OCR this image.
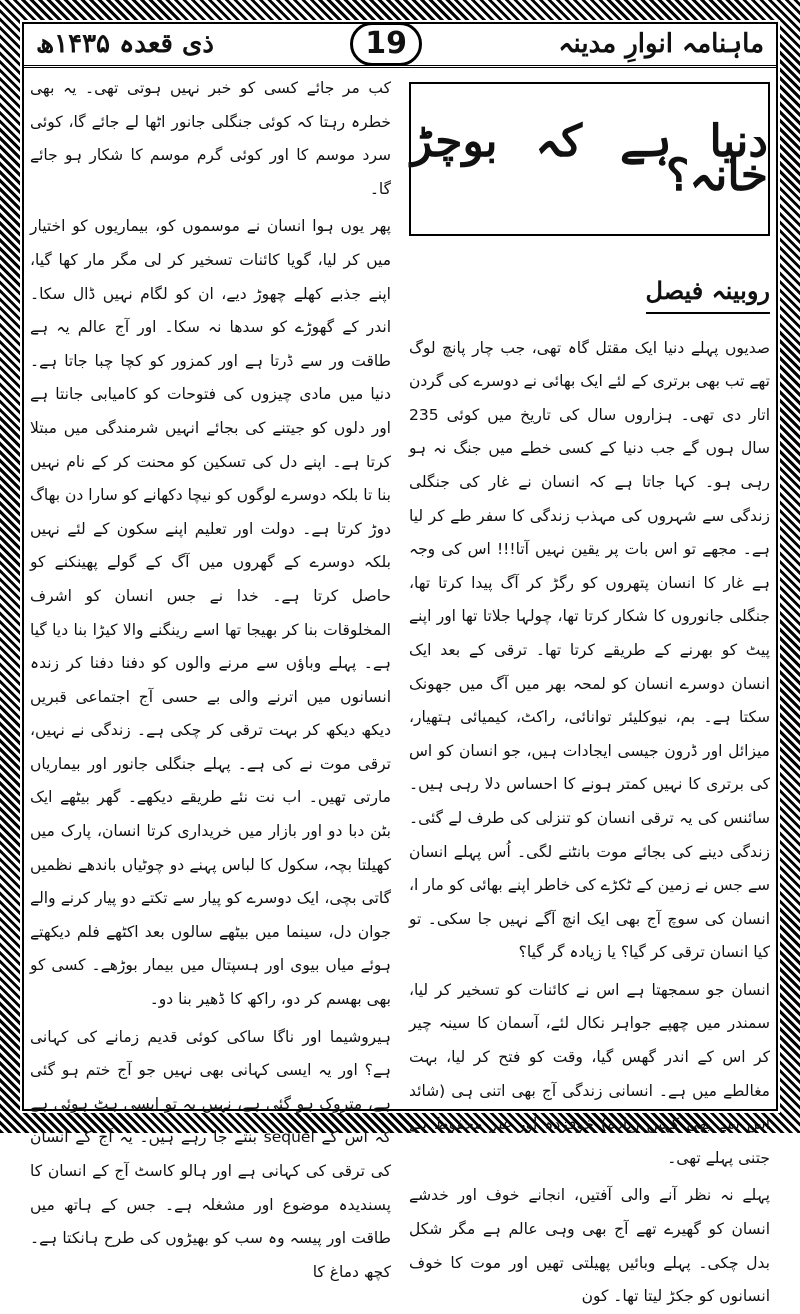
ماہنامہ انوارِ مدینہ
19
ذی قعدہ ۱۴۳۵ھ
دنیا ہے کہ بوچڑ خانہ؟
روبینہ فیصل

صدیوں پہلے دنیا ایک مقتل گاہ تھی، جب چار پانچ لوگ تھے تب بھی برتری کے لئے ایک بھائی نے دوسرے کی گردن اتار دی تھی۔ ہزاروں سال کی تاریخ میں کوئی 235 سال ہوں گے جب دنیا کے کسی خطے میں جنگ نہ ہو رہی ہو۔ کہا جاتا ہے کہ انسان نے غار کی جنگلی زندگی سے شہروں کی مہذب زندگی کا سفر طے کر لیا ہے۔ مجھے تو اس بات پر یقین نہیں آتا!!! اس کی وجہ ہے غار کا انسان پتھروں کو رگڑ کر آگ پیدا کرتا تھا، جنگلی جانوروں کا شکار کرتا تھا، چولہا جلاتا تھا اور اپنے پیٹ کو بھرنے کے طریقے کرتا تھا۔ ترقی کے بعد ایک انسان دوسرے انسان کو لمحہ بھر میں آگ میں جھونک سکتا ہے۔ بم، نیوکلیئر توانائی، راکٹ، کیمیائی ہتھیار، میزائل اور ڈرون جیسی ایجادات ہیں، جو انسان کو اس کی برتری کا نہیں کمتر ہونے کا احساس دلا رہی ہیں۔ سائنس کی یہ ترقی انسان کو تنزلی کی طرف لے گئی۔ زندگی دینے کی بجائے موت بانٹنے لگی۔ اُس پہلے انسان سے جس نے زمین کے ٹکڑے کی خاطر اپنے بھائی کو مار ا، انسان کی سوچ آج بھی ایک انچ آگے نہیں جا سکی۔ تو کیا انسان ترقی کر گیا؟ یا زیادہ گر گیا؟

انسان جو سمجھتا ہے اس نے کائنات کو تسخیر کر لیا، سمندر میں چھپے جواہر نکال لئے، آسمان کا سینہ چیر کر اس کے اندر گھس گیا، وقت کو فتح کر لیا، بہت مغالطے میں ہے۔ انسانی زندگی آج بھی اتنی ہی (شائد اس سے بھی کہیں زیادہ) خوفزدہ اور غیر محفوظ ہے جتنی پہلے تھی۔

پہلے نہ نظر آنے والی آفتیں، انجانے خوف اور خدشے انسان کو گھیرے تھے آج بھی وہی عالم ہے مگر شکل بدل چکی۔ پہلے وبائیں پھیلتی تھیں اور موت کا خوف انسانوں کو جکڑ لیتا تھا۔ کون

کب مر جائے کسی کو خبر نہیں ہوتی تھی۔ یہ بھی خطرہ رہتا کہ کوئی جنگلی جانور اٹھا لے جائے گا، کوئی سرد موسم کا اور کوئی گرم موسم کا شکار ہو جائے گا۔

پھر یوں ہوا انسان نے موسموں کو، بیماریوں کو اختیار میں کر لیا، گویا کائنات تسخیر کر لی مگر مار کھا گیا، اپنے جذبے کھلے چھوڑ دیے، ان کو لگام نہیں ڈال سکا۔ اندر کے گھوڑے کو سدھا نہ سکا۔ اور آج عالم یہ ہے طاقت ور سے ڈرتا ہے اور کمزور کو کچا چبا جاتا ہے۔ دنیا میں مادی چیزوں کی فتوحات کو کامیابی جانتا ہے اور دلوں کو جیتنے کی بجائے انہیں شرمندگی میں مبتلا کرتا ہے۔ اپنے دل کی تسکین کو محنت کر کے نام نہیں بنا تا بلکہ دوسرے لوگوں کو نیچا دکھانے کو سارا دن بھاگ دوڑ کرتا ہے۔ دولت اور تعلیم اپنے سکون کے لئے نہیں بلکہ دوسرے کے گھروں میں آگ کے گولے پھینکنے کو حاصل کرتا ہے۔ خدا نے جس انسان کو اشرف المخلوقات بنا کر بھیجا تھا اسے رینگنے والا کیڑا بنا دیا گیا ہے۔ پہلے وباؤں سے مرنے والوں کو دفنا دفنا کر زندہ انسانوں میں اترنے والی بے حسی آج اجتماعی قبریں دیکھ دیکھ کر بہت ترقی کر چکی ہے۔ زندگی نے نہیں، ترقی موت نے کی ہے۔ پہلے جنگلی جانور اور بیماریاں مارتی تھیں۔ اب نت نئے طریقے دیکھے۔ گھر بیٹھے ایک بٹن دبا دو اور بازار میں خریداری کرتا انسان، پارک میں کھیلتا بچہ، سکول کا لباس پہنے دو چوٹیاں باندھے نظمیں گاتی بچی، ایک دوسرے کو پیار سے تکتے دو پیار کرنے والے جوان دل، سینما میں بیٹھے سالوں بعد اکٹھے فلم دیکھتے ہوئے میاں بیوی اور ہسپتال میں بیمار بوڑھے۔ کسی کو بھی بھسم کر دو، راکھ کا ڈھیر بنا دو۔

ہیروشیما اور ناگا ساکی کوئی قدیم زمانے کی کہانی ہے؟ اور یہ ایسی کہانی بھی نہیں جو آج ختم ہو گئی ہے، متروک ہو گئی ہے، نہیں یہ تو ایسی ہٹ ہوئی ہے کہ اس کے sequel بنتے جا رہے ہیں۔ یہ آج کے انسان کی ترقی کی کہانی ہے اور ہالو کاسٹ آج کے انسان کا پسندیدہ موضوع اور مشغلہ ہے۔ جس کے ہاتھ میں طاقت اور پیسہ وہ سب کو بھیڑوں کی طرح ہانکتا ہے۔ کچھ دماغ کا
